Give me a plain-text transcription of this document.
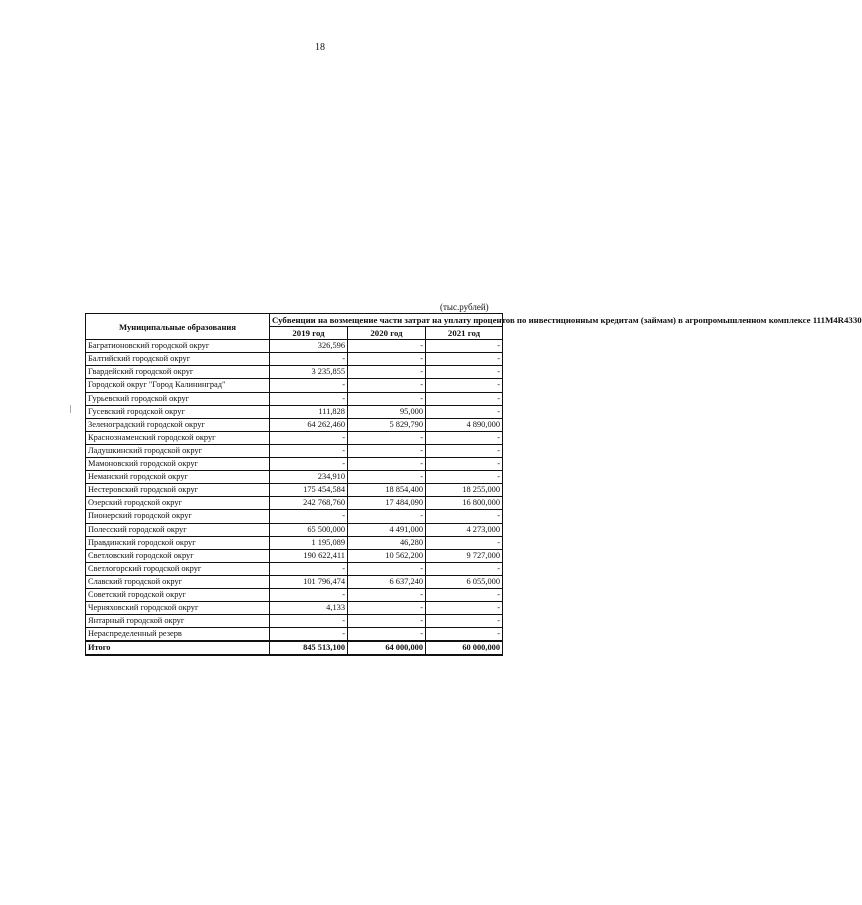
18
(тыс.рублей)
Муниципальные образования	Субвенции на возмещение части затрат на уплату процентов по инвестиционным кредитам (займам) в агропромышленном комплексе 111M4R4330		
	2019 год	2020 год	2021 год
Багратионовский городской округ	326,596	-	-
Балтийский городской округ	-	-	-
Гвардейский городской округ	3 235,855	-	-
Городской округ "Город Калининград"	-	-	-
Гурьевский городской округ	-	-	-
Гусевский городской округ	111,828	95,000	-
Зеленоградский городской округ	64 262,460	5 829,790	4 890,000
Краснознаменский городской округ	-	-	-
Ладушкинский городской округ	-	-	-
Мамоновский городской округ	-	-	-
Неманский городской округ	234,910	-	-
Нестеровский городской округ	175 454,584	18 854,400	18 255,000
Озерский городской округ	242 768,760	17 484,090	16 800,000
Пионерский городской округ	-	-	-
Полесский городской округ	65 500,000	4 491,000	4 273,000
Правдинский городской округ	1 195,089	46,280	-
Светловский городской округ	190 622,411	10 562,200	9 727,000
Светлогорский городской округ	-	-	-
Славский городской округ	101 796,474	6 637,240	6 055,000
Советский городской округ	-	-	-
Черняховский городской округ	4,133	-	-
Янтарный городской округ	-	-	-
Нераспределенный резерв	-	-	-
Итого	845 513,100	64 000,000	60 000,000
